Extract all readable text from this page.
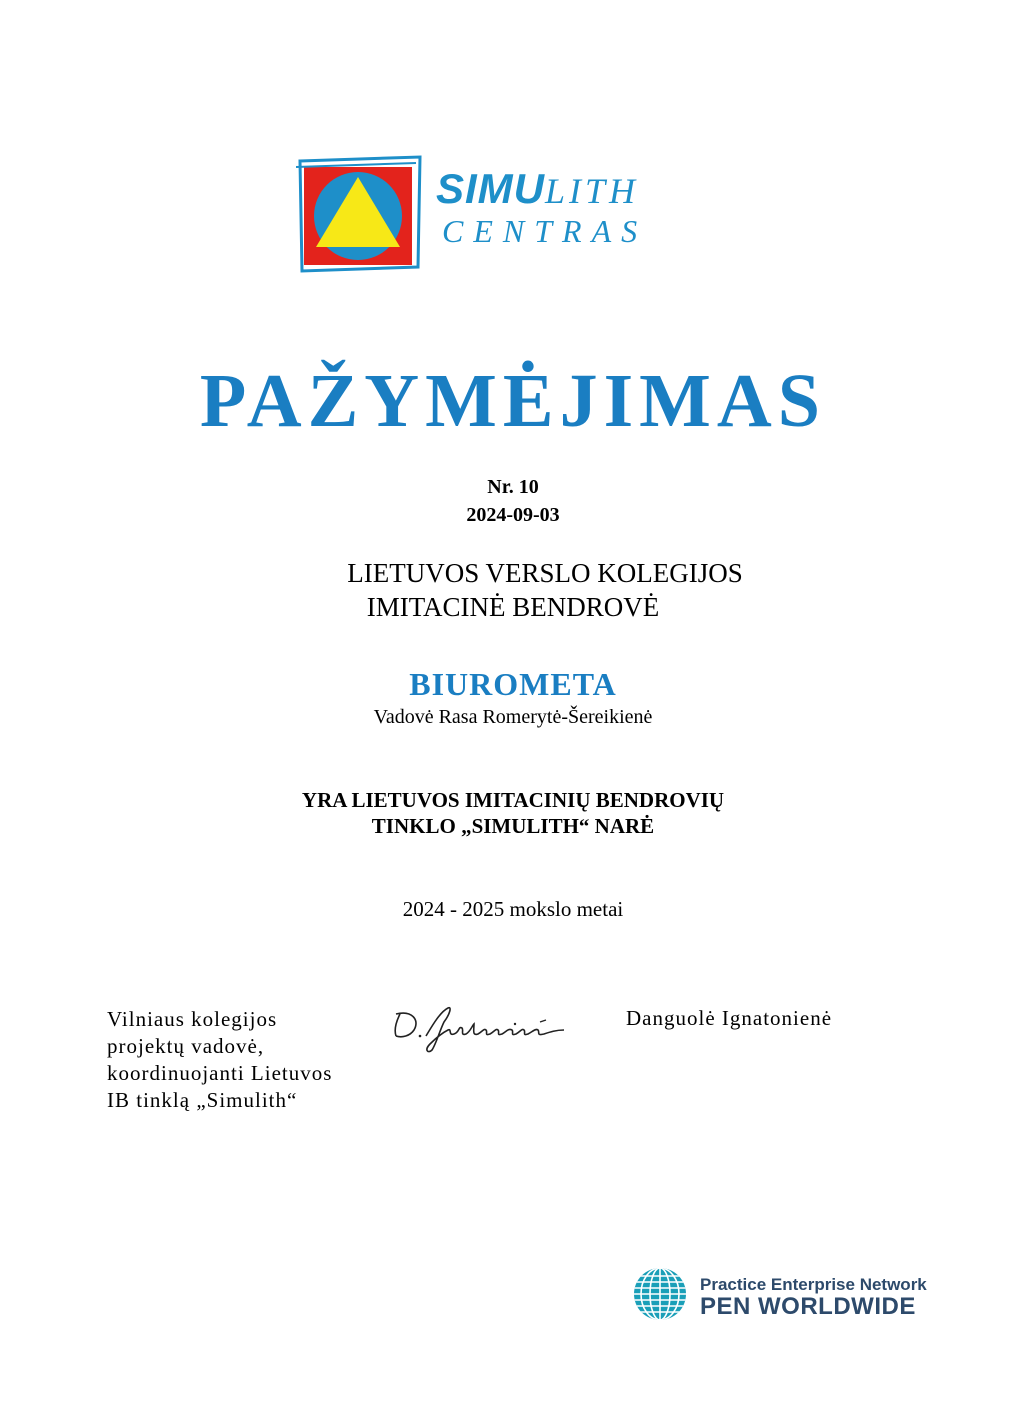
SIMULITH
CENTRAS
PAŽYMĖJIMAS
Nr. 10
2024-09-03
LIETUVOS VERSLO KOLEGIJOS
IMITACINĖ BENDROVĖ
BIUROMETA
Vadovė Rasa Romerytė-Šereikienė
YRA LIETUVOS IMITACINIŲ BENDROVIŲ
TINKLO „SIMULITH“ NARĖ
2024 - 2025 mokslo metai
Vilniaus kolegijos
projektų vadovė,
koordinuojanti Lietuvos
IB tinklą „Simulith“
Danguolė Ignatonienė
Practice Enterprise Network
PEN WORLDWIDE
